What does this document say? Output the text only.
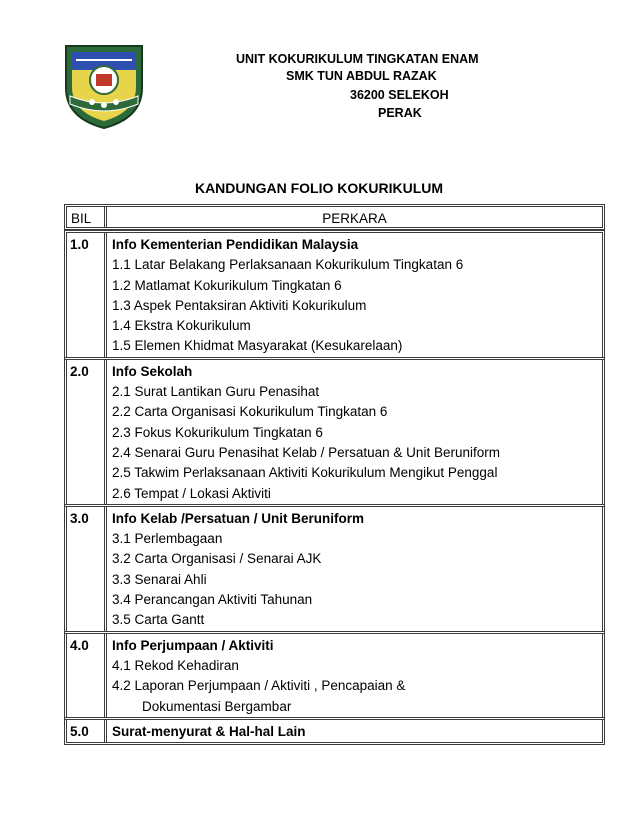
UNIT KOKURIKULUM TINGKATAN ENAM
SMK TUN ABDUL RAZAK
36200 SELEKOH
PERAK
KANDUNGAN FOLIO KOKURIKULUM
BIL	PERKARA
1.0	Info Kementerian Pendidikan Malaysia
1.1 Latar Belakang Perlaksanaan Kokurikulum Tingkatan 6
1.2 Matlamat Kokurikulum Tingkatan 6
1.3 Aspek Pentaksiran Aktiviti Kokurikulum
1.4 Ekstra Kokurikulum
1.5 Elemen Khidmat Masyarakat (Kesukarelaan)
2.0	Info Sekolah
2.1 Surat Lantikan Guru Penasihat
2.2 Carta Organisasi Kokurikulum Tingkatan 6
2.3 Fokus Kokurikulum Tingkatan 6
2.4 Senarai Guru Penasihat Kelab / Persatuan & Unit Beruniform
2.5 Takwim Perlaksanaan Aktiviti Kokurikulum Mengikut Penggal
2.6 Tempat / Lokasi Aktiviti
3.0	Info Kelab /Persatuan / Unit Beruniform
3.1 Perlembagaan
3.2 Carta Organisasi / Senarai AJK
3.3 Senarai Ahli
3.4 Perancangan Aktiviti Tahunan
3.5 Carta Gantt
4.0	Info Perjumpaan / Aktiviti
4.1 Rekod Kehadiran
4.2 Laporan Perjumpaan / Aktiviti , Pencapaian &
Dokumentasi Bergambar
5.0	Surat-menyurat & Hal-hal Lain
